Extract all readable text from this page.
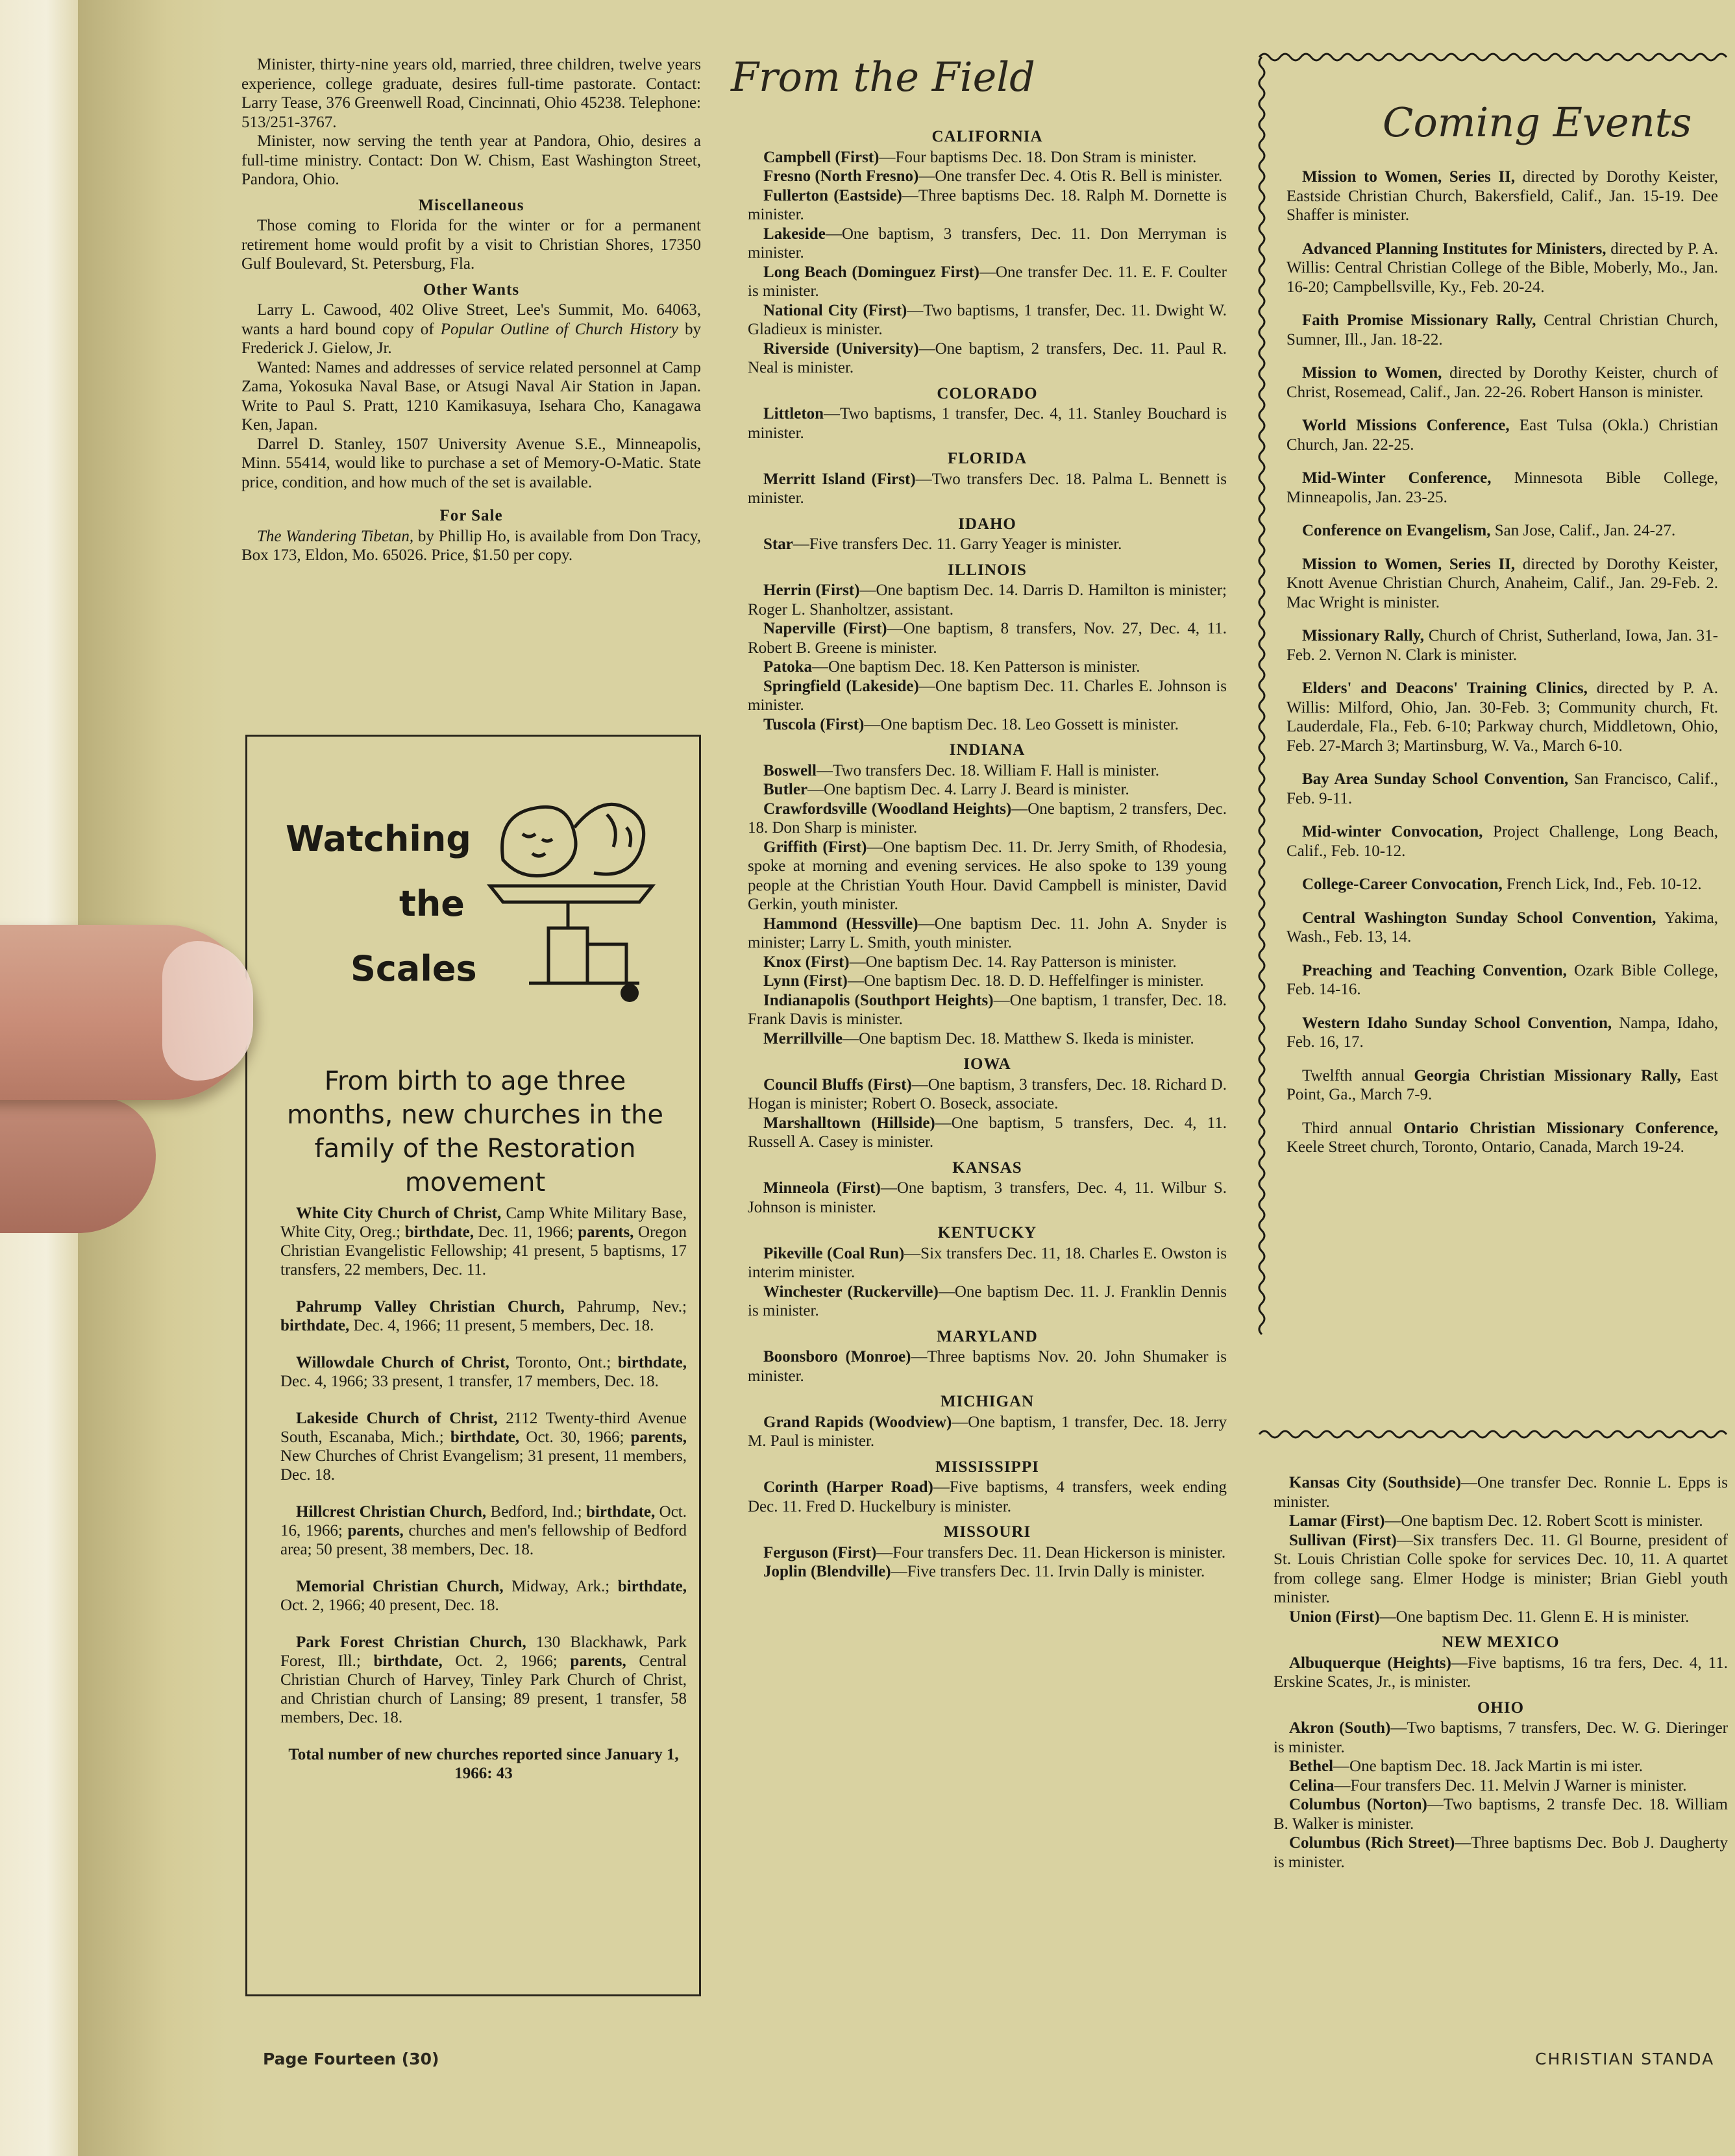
Minister, thirty-nine years old, married, three children, twelve years experience, college graduate, desires full-time pastorate. Contact: Larry Tease, 376 Greenwell Road, Cincinnati, Ohio 45238. Telephone: 513/251-3767.

Minister, now serving the tenth year at Pandora, Ohio, desires a full-time ministry. Contact: Don W. Chism, East Washington Street, Pandora, Ohio.

Miscellaneous

Those coming to Florida for the winter or for a permanent retirement home would profit by a visit to Christian Shores, 17350 Gulf Boulevard, St. Petersburg, Fla.

Other Wants

Larry L. Cawood, 402 Olive Street, Lee's Summit, Mo. 64063, wants a hard bound copy of Popular Outline of Church History by Frederick J. Gielow, Jr.

Wanted: Names and addresses of service related personnel at Camp Zama, Yokosuka Naval Base, or Atsugi Naval Air Station in Japan. Write to Paul S. Pratt, 1210 Kamikasuya, Isehara Cho, Kanagawa Ken, Japan.

Darrel D. Stanley, 1507 University Avenue S.E., Minneapolis, Minn. 55414, would like to purchase a set of Memory-O-Matic. State price, condition, and how much of the set is available.

For Sale

The Wandering Tibetan, by Phillip Ho, is available from Don Tracy, Box 173, Eldon, Mo. 65026. Price, $1.50 per copy.

Watching
the
Scales
From birth to age three months, new churches in the family of the Restoration movement

White City Church of Christ, Camp White Military Base, White City, Oreg.; birthdate, Dec. 11, 1966; parents, Oregon Christian Evangelistic Fellowship; 41 present, 5 baptisms, 17 transfers, 22 members, Dec. 11.

Pahrump Valley Christian Church, Pahrump, Nev.; birthdate, Dec. 4, 1966; 11 present, 5 members, Dec. 18.

Willowdale Church of Christ, Toronto, Ont.; birthdate, Dec. 4, 1966; 33 present, 1 transfer, 17 members, Dec. 18.

Lakeside Church of Christ, 2112 Twenty-third Avenue South, Escanaba, Mich.; birthdate, Oct. 30, 1966; parents, New Churches of Christ Evangelism; 31 present, 11 members, Dec. 18.

Hillcrest Christian Church, Bedford, Ind.; birthdate, Oct. 16, 1966; parents, churches and men's fellowship of Bedford area; 50 present, 38 members, Dec. 18.

Memorial Christian Church, Midway, Ark.; birthdate, Oct. 2, 1966; 40 present, Dec. 18.

Park Forest Christian Church, 130 Blackhawk, Park Forest, Ill.; birthdate, Oct. 2, 1966; parents, Central Christian Church of Harvey, Tinley Park Church of Christ, and Christian church of Lansing; 89 present, 1 transfer, 58 members, Dec. 18.

Total number of new churches reported since January 1, 1966: 43

From the Field

CALIFORNIA

Campbell (First)—Four baptisms Dec. 18. Don Stram is minister.

Fresno (North Fresno)—One transfer Dec. 4. Otis R. Bell is minister.

Fullerton (Eastside)—Three baptisms Dec. 18. Ralph M. Dornette is minister.

Lakeside—One baptism, 3 transfers, Dec. 11. Don Merryman is minister.

Long Beach (Dominguez First)—One transfer Dec. 11. E. F. Coulter is minister.

National City (First)—Two baptisms, 1 transfer, Dec. 11. Dwight W. Gladieux is minister.

Riverside (University)—One baptism, 2 transfers, Dec. 11. Paul R. Neal is minister.

COLORADO

Littleton—Two baptisms, 1 transfer, Dec. 4, 11. Stanley Bouchard is minister.

FLORIDA

Merritt Island (First)—Two transfers Dec. 18. Palma L. Bennett is minister.

IDAHO

Star—Five transfers Dec. 11. Garry Yeager is minister.

ILLINOIS

Herrin (First)—One baptism Dec. 14. Darris D. Hamilton is minister; Roger L. Shanholtzer, assistant.

Naperville (First)—One baptism, 8 transfers, Nov. 27, Dec. 4, 11. Robert B. Greene is minister.

Patoka—One baptism Dec. 18. Ken Patterson is minister.

Springfield (Lakeside)—One baptism Dec. 11. Charles E. Johnson is minister.

Tuscola (First)—One baptism Dec. 18. Leo Gossett is minister.

INDIANA

Boswell—Two transfers Dec. 18. William F. Hall is minister.

Butler—One baptism Dec. 4. Larry J. Beard is minister.

Crawfordsville (Woodland Heights)—One baptism, 2 transfers, Dec. 18. Don Sharp is minister.

Griffith (First)—One baptism Dec. 11. Dr. Jerry Smith, of Rhodesia, spoke at morning and evening services. He also spoke to 139 young people at the Christian Youth Hour. David Campbell is minister, David Gerkin, youth minister.

Hammond (Hessville)—One baptism Dec. 11. John A. Snyder is minister; Larry L. Smith, youth minister.

Knox (First)—One baptism Dec. 14. Ray Patterson is minister.

Lynn (First)—One baptism Dec. 18. D. D. Heffelfinger is minister.

Indianapolis (Southport Heights)—One baptism, 1 transfer, Dec. 18. Frank Davis is minister.

Merrillville—One baptism Dec. 18. Matthew S. Ikeda is minister.

IOWA

Council Bluffs (First)—One baptism, 3 transfers, Dec. 18. Richard D. Hogan is minister; Robert O. Boseck, associate.

Marshalltown (Hillside)—One baptism, 5 transfers, Dec. 4, 11. Russell A. Casey is minister.

KANSAS

Minneola (First)—One baptism, 3 transfers, Dec. 4, 11. Wilbur S. Johnson is minister.

KENTUCKY

Pikeville (Coal Run)—Six transfers Dec. 11, 18. Charles E. Owston is interim minister.

Winchester (Ruckerville)—One baptism Dec. 11. J. Franklin Dennis is minister.

MARYLAND

Boonsboro (Monroe)—Three baptisms Nov. 20. John Shumaker is minister.

MICHIGAN

Grand Rapids (Woodview)—One baptism, 1 transfer, Dec. 18. Jerry M. Paul is minister.

MISSISSIPPI

Corinth (Harper Road)—Five baptisms, 4 transfers, week ending Dec. 11. Fred D. Huckelbury is minister.

MISSOURI

Ferguson (First)—Four transfers Dec. 11. Dean Hickerson is minister.

Joplin (Blendville)—Five transfers Dec. 11. Irvin Dally is minister.

Coming Events

Mission to Women, Series II, directed by Dorothy Keister, Eastside Christian Church, Bakersfield, Calif., Jan. 15-19. Dee Shaffer is minister.

Advanced Planning Institutes for Ministers, directed by P. A. Willis: Central Christian College of the Bible, Moberly, Mo., Jan. 16-20; Campbellsville, Ky., Feb. 20-24.

Faith Promise Missionary Rally, Central Christian Church, Sumner, Ill., Jan. 18-22.

Mission to Women, directed by Dorothy Keister, church of Christ, Rosemead, Calif., Jan. 22-26. Robert Hanson is minister.

World Missions Conference, East Tulsa (Okla.) Christian Church, Jan. 22-25.

Mid-Winter Conference, Minnesota Bible College, Minneapolis, Jan. 23-25.

Conference on Evangelism, San Jose, Calif., Jan. 24-27.

Mission to Women, Series II, directed by Dorothy Keister, Knott Avenue Christian Church, Anaheim, Calif., Jan. 29-Feb. 2. Mac Wright is minister.

Missionary Rally, Church of Christ, Sutherland, Iowa, Jan. 31-Feb. 2. Vernon N. Clark is minister.

Elders' and Deacons' Training Clinics, directed by P. A. Willis: Milford, Ohio, Jan. 30-Feb. 3; Community church, Ft. Lauderdale, Fla., Feb. 6-10; Parkway church, Middletown, Ohio, Feb. 27-March 3; Martinsburg, W. Va., March 6-10.

Bay Area Sunday School Convention, San Francisco, Calif., Feb. 9-11.

Mid-winter Convocation, Project Challenge, Long Beach, Calif., Feb. 10-12.

College-Career Convocation, French Lick, Ind., Feb. 10-12.

Central Washington Sunday School Convention, Yakima, Wash., Feb. 13, 14.

Preaching and Teaching Convention, Ozark Bible College, Feb. 14-16.

Western Idaho Sunday School Convention, Nampa, Idaho, Feb. 16, 17.

Twelfth annual Georgia Christian Missionary Rally, East Point, Ga., March 7-9.

Third annual Ontario Christian Missionary Conference, Keele Street church, Toronto, Ontario, Canada, March 19-24.

Kansas City (Southside)—One transfer Dec. Ronnie L. Epps is minister.

Lamar (First)—One baptism Dec. 12. Robert Scott is minister.

Sullivan (First)—Six transfers Dec. 11. Gl Bourne, president of St. Louis Christian Colle spoke for services Dec. 10, 11. A quartet from college sang. Elmer Hodge is minister; Brian Giebl youth minister.

Union (First)—One baptism Dec. 11. Glenn E. H is minister.

NEW MEXICO

Albuquerque (Heights)—Five baptisms, 16 tra fers, Dec. 4, 11. Erskine Scates, Jr., is minister.

OHIO

Akron (South)—Two baptisms, 7 transfers, Dec. W. G. Dieringer is minister.

Bethel—One baptism Dec. 18. Jack Martin is mi ister.

Celina—Four transfers Dec. 11. Melvin J Warner is minister.

Columbus (Norton)—Two baptisms, 2 transfe Dec. 18. William B. Walker is minister.

Columbus (Rich Street)—Three baptisms Dec. Bob J. Daugherty is minister.

Page Fourteen (30)	CHRISTIAN STANDA
